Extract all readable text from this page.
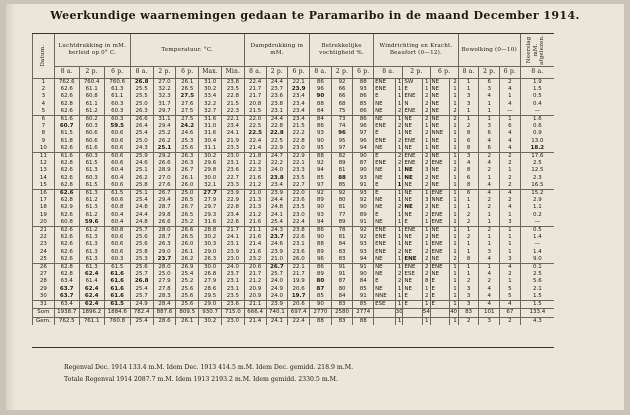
Weerkundige waarnemingen gedaan te Paramaribo in de maand December 1914.
Datum.	Luchtdrukking in mM. herleid op 0° C.			Temperatuur. °C.					Dampdrukking in mM.			Betrekkelijke vochtigheid %.			Windrichting en Kracht. Beaufort (0—12).						Bewolking (0—10)			Neerslag mM. afgelezen.

	8 a.	2 p.	6 p.	8 a.	2 p.	6 p.	Max.	Min.	8 a.	2 p.	6 p.	8 a.	2 p.	6 p.	8 a.		2 p.		6 p.		8 a.	2 p.	6 p.	8 a.
1	762.6	760.4	760.6	26.8	27.0	26.1	31.0	23.8	22.4	24.4	22.1	86	92	88	ENE	1	SW	1	NE	2	1	6	2	1.9
2	62.6	61.1	61.3	25.5	32.2	26.5	30.2	23.5	21.7	23.7	23.9	96	66	93	ENE	1	E	1	NE	1	1	3	4	1.5
3	62.6	60.8	61.1	25.5	32.3	27.5	33.4	22.8	21.7	23.6	23.4	90	66	86	E	1	ENE	2	NE	1	3	4	1	0.5
4	62.8	61.1	60.3	25.0	31.7	27.6	32.2	21.5	20.8	23.8	23.4	88	68	85	NE	1	N	2	NE	1	3	1	4	0.4
5	62.6	61.2	60.3	26.3	29.7	27.5	32.7	22.3	21.5	23.1	23.4	84	75	86	NE	2	ENE	2	NE	2	1	1	—	—
6	61.6	60.2	60.3	26.6	31.1	27.5	31.6	22.1	22.0	24.4	23.4	84	73	86	NE	1	NE	2	NE	2	1	1	1	1.6
7	60.7	60.3	59.5	26.4	29.4	24.2	31.0	23.4	22.5	22.8	21.5	86	74	96	ENE	2	NE	1	NE	1	2	3	6	0.6
8	61.5	60.6	60.6	25.4	25.2	24.6	31.6	24.1	22.5	22.8	22.2	93	96	97	E	1	NE	2	NNE	1	8	6	4	0.9
9	61.8	60.6	60.6	25.0	26.2	25.3	30.4	21.9	22.4	22.5	22.8	90	95	96	ENE	2	ENE	1	NE	1	6	4	4	13.0
10	62.6	61.6	60.6	24.3	25.1	25.6	31.1	23.3	21.4	22.9	23.0	95	97	94	NE	1	NE	1	NE	1	8	6	4	18.2
11	61.6	60.3	60.6	25.9	29.2	26.3	30.2	23.0	21.8	24.7	22.9	88	82	90	E	2	ENE	2	NE	1	3	2	2	17.6
12	62.8	61.5	60.6	24.6	26.6	26.3	29.6	23.1	21.2	22.2	22.1	92	89	87	ENE	2	ENE	2	ENE	1	4	4	2	2.5
13	62.6	61.3	60.4	25.1	28.9	26.7	29.8	23.6	22.3	24.0	23.3	94	81	90	NE	1	NE	3	NE	2	8	2	1	12.5
14	62.6	60.3	60.4	26.2	27.0	26.1	30.0	22.7	21.6	23.8	23.5	85	88	93	NE	1	NE	2	NE	1	6	1	2	2.3
15	62.8	61.5	60.6	25.8	27.6	26.0	32.1	23.3	21.2	23.4	22.7	97	85	91	E	1	NE	2	NE	1	8	4	2	16.5
16	62.6	61.3	61.5	25.1	26.7	25.0	27.7	23.9	21.0	23.9	22.0	92	92	93	E	1	NE	1	ENE	1	6	4	4	15.2
17	62.8	61.2	60.6	25.4	29.4	26.5	27.9	22.9	21.3	24.4	23.6	89	80	92	NE	1	NE	3	NNE	1	1	2	2	2.9
18	62.9	61.3	60.8	24.8	28.7	26.7	29.7	22.8	21.3	24.8	23.5	90	81	90	NE	2	NE	2	NE	1	1	2	4	1.1
19	62.6	61.2	60.4	24.4	29.8	26.5	29.3	23.4	21.2	24.1	23.0	93	77	89	E	1	NE	2	ENE	1	2	1	1	0.2
20	60.8	59.6	60.4	24.8	26.6	25.2	31.6	22.6	21.6	25.4	22.4	94	89	91	NE	1	E	1	ENE	1	2	1	3	—
21	62.6	61.2	60.8	25.7	28.0	26.6	28.8	21.7	21.1	24.3	23.8	86	78	92	ENE	1	ENE	1	NE	1	1	2	1	0.5
22	62.6	61.3	60.6	25.6	28.7	26.5	30.2	24.1	21.6	23.7	22.6	90	81	92	ENE	1	NE	2	NE	1	2	1	1	1.4
23	62.6	61.3	60.6	25.6	26.3	26.0	30.3	23.1	21.4	24.6	23.1	88	84	93	ENE	1	NE	1	ENE	1	1	1	1	—
24	62.6	61.3	60.6	25.8	29.0	26.1	29.0	23.9	21.6	23.9	23.6	89	83	93	ENE	2	NE	2	ENE	1	1	3	1	1.4
25	62.6	61.3	60.3	25.3	23.7	26.2	26.3	23.0	23.2	21.0	26.0	96	83	94	NE	1	ENE	2	NE	2	8	4	3	9.0
26	62.8	61.3	61.5	25.6	28.0	26.9	30.0	24.0	20.6	26.7	22.1	86	91	91	NE	1	ENE	2	ENE	1	1	1	4	0.1
27	62.8	62.4	61.6	25.7	25.0	25.4	26.8	23.7	21.7	25.7	21.7	89	91	90	NE	2	ESE	2	NE	1	1	4	2	2.5
28	63.4	61.4	61.6	26.8	27.9	25.2	27.9	23.1	21.2	24.0	19.9	80	87	84	E	2	NE	8	E	1	2	2	1	5.6
29	63.7	62.4	61.6	25.4	27.8	25.6	28.6	23.1	20.9	24.9	20.6	87	80	85	NE	1	NE	1	E	1	3	4	5	2.1
30	63.7	62.4	61.6	25.7	28.3	25.6	29.5	23.5	20.9	24.0	19.7	85	84	91	NNE	1	E	2	E	1	3	4	5	1.5
31	63.4	62.4	61.5	24.9	28.4	25.6	29.0	23.6	21.1	23.9	20.6	90	83	85	ESE	1	E	1	E	1	3	4	4	1.5
Som	1938.7	1896.2	1884.6	782.4	887.6	809.5	930.7	715.0	666.4	740.1	697.4	2770	2580	2774		30		54		40	83	101	67	133.4
Gem.	762.5	761.1	760.8	25.4	28.6	26.1	30.2	23.0	21.4	24.1	22.4	88	83	88		1		1		1	2	3	2	4.3
Regenval Dec. 1914 133.4 m.M. Idem Dec. 1913 414.5 m.M. Idem Dec. gemidd. 218.9 m.M.
Totale Regenval 1914 2087.7 m.M. Idem 1913 2193.2 m.M. Idem gemidd. 2330.5 m.M.
